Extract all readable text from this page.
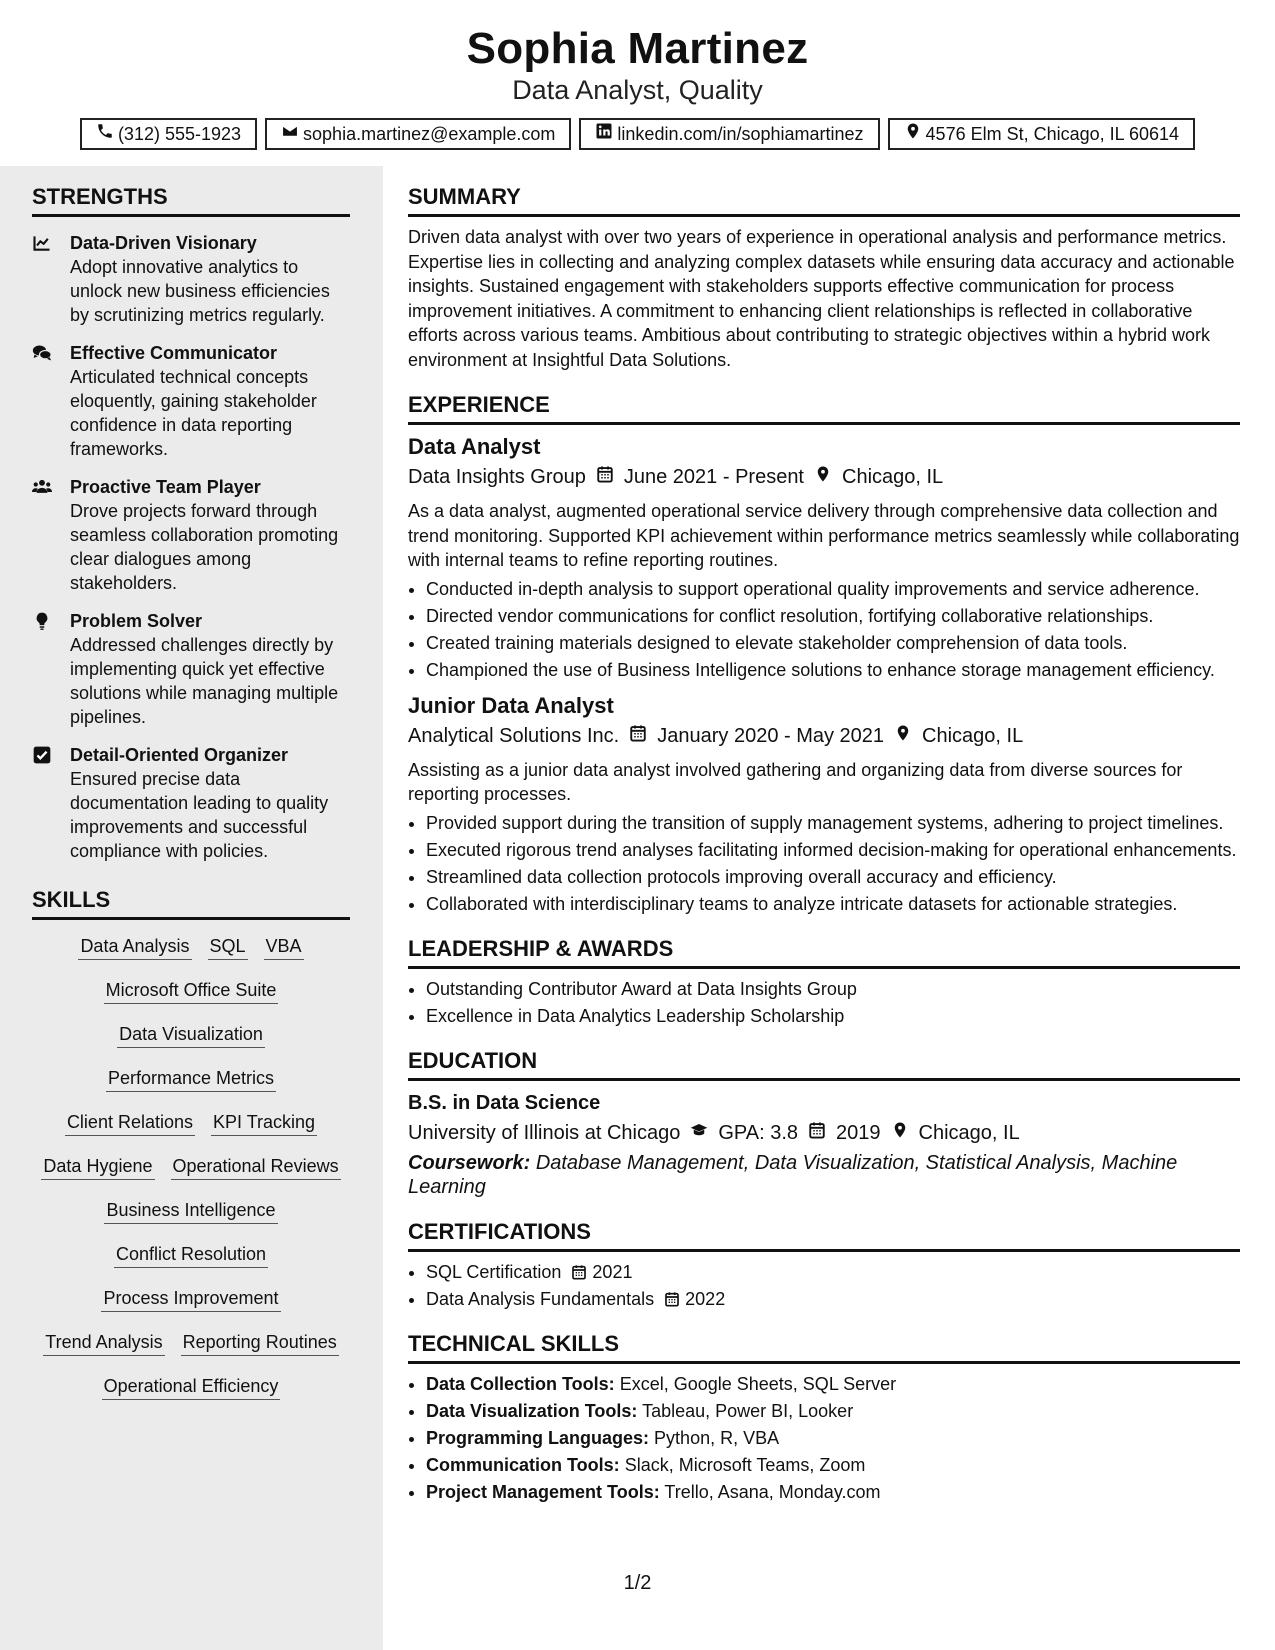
Sophia Martinez
Data Analyst, Quality
(312) 555-1923	sophia.martinez@example.com	linkedin.com/in/sophiamartinez	4576 Elm St, Chicago, IL 60614
STRENGTHS
Data-Driven Visionary
Adopt innovative analytics to unlock new business efficiencies by scrutinizing metrics regularly.
Effective Communicator
Articulated technical concepts eloquently, gaining stakeholder confidence in data reporting frameworks.
Proactive Team Player
Drove projects forward through seamless collaboration promoting clear dialogues among stakeholders.
Problem Solver
Addressed challenges directly by implementing quick yet effective solutions while managing multiple pipelines.
Detail-Oriented Organizer
Ensured precise data documentation leading to quality improvements and successful compliance with policies.
SKILLS
Data Analysis SQL VBA
Microsoft Office Suite
Data Visualization
Performance Metrics
Client Relations KPI Tracking
Data Hygiene Operational Reviews
Business Intelligence
Conflict Resolution
Process Improvement
Trend Analysis Reporting Routines
Operational Efficiency
SUMMARY

Driven data analyst with over two years of experience in operational analysis and performance metrics. Expertise lies in collecting and analyzing complex datasets while ensuring data accuracy and actionable insights. Sustained engagement with stakeholders supports effective communication for process improvement initiatives. A commitment to enhancing client relationships is reflected in collaborative efforts across various teams. Ambitious about contributing to strategic objectives within a hybrid work environment at Insightful Data Solutions.

EXPERIENCE
Data Analyst
Data Insights Group June 2021 - Present Chicago, IL

As a data analyst, augmented operational service delivery through comprehensive data collection and trend monitoring. Supported KPI achievement within performance metrics seamlessly while collaborating with internal teams to refine reporting routines.

• Conducted in-depth analysis to support operational quality improvements and service adherence.
• Directed vendor communications for conflict resolution, fortifying collaborative relationships.
• Created training materials designed to elevate stakeholder comprehension of data tools.
• Championed the use of Business Intelligence solutions to enhance storage management efficiency.
Junior Data Analyst
Analytical Solutions Inc. January 2020 - May 2021 Chicago, IL

Assisting as a junior data analyst involved gathering and organizing data from diverse sources for reporting processes.

• Provided support during the transition of supply management systems, adhering to project timelines.
• Executed rigorous trend analyses facilitating informed decision-making for operational enhancements.
• Streamlined data collection protocols improving overall accuracy and efficiency.
• Collaborated with interdisciplinary teams to analyze intricate datasets for actionable strategies.
LEADERSHIP & AWARDS
• Outstanding Contributor Award at Data Insights Group
• Excellence in Data Analytics Leadership Scholarship
EDUCATION
B.S. in Data Science
University of Illinois at Chicago GPA: 3.8 2019 Chicago, IL
Coursework: Database Management, Data Visualization, Statistical Analysis, Machine Learning
CERTIFICATIONS
• SQL Certification 2021
• Data Analysis Fundamentals 2022
TECHNICAL SKILLS
• Data Collection Tools: Excel, Google Sheets, SQL Server
• Data Visualization Tools: Tableau, Power BI, Looker
• Programming Languages: Python, R, VBA
• Communication Tools: Slack, Microsoft Teams, Zoom
• Project Management Tools: Trello, Asana, Monday.com
1/2
